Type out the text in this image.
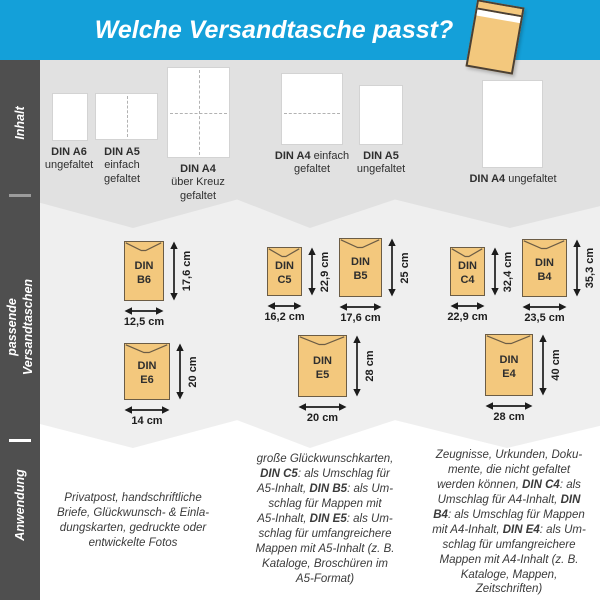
Welche Versandtasche passt?
Inhalt
passende Versandtaschen
Anwendung
DIN A6
ungefaltet
DIN A5
einfach
gefaltet
DIN A4
über Kreuz
gefaltet
DIN A4 einfach
gefaltet
DIN A5
ungefaltet
DIN A4 ungefaltet
DIN
B6	17,6 cm
12,5 cm
DIN
C5 22,9 cm
16,2 cm
DIN
B5	25 cm
17,6 cm
DIN
C4 32,4 cm
22,9 cm
DIN
B4	35,3 cm
23,5 cm
DIN
E6	20 cm
14 cm
DIN
E5	28 cm
20 cm
DIN
E4	40 cm
28 cm
Privatpost, handschriftliche
Briefe, Glückwunsch- & Einla-
dungskarten, gedruckte oder
entwickelte Fotos
große Glückwunschkarten,
DIN C5: als Umschlag für
A5-Inhalt, DIN B5: als Um-
schlag für Mappen mit
A5-Inhalt, DIN E5: als Um-
schlag für umfangreichere
Mappen mit A5-Inhalt (z. B.
Kataloge, Broschüren im
A5-Format)
Zeugnisse, Urkunden, Doku-
mente, die nicht gefaltet
werden können, DIN C4: als
Umschlag für A4-Inhalt, DIN
B4: als Umschlag für Mappen
mit A4-Inhalt, DIN E4: als Um-
schlag für umfangreichere
Mappen mit A4-Inhalt (z. B.
Kataloge, Mappen,
Zeitschriften)
